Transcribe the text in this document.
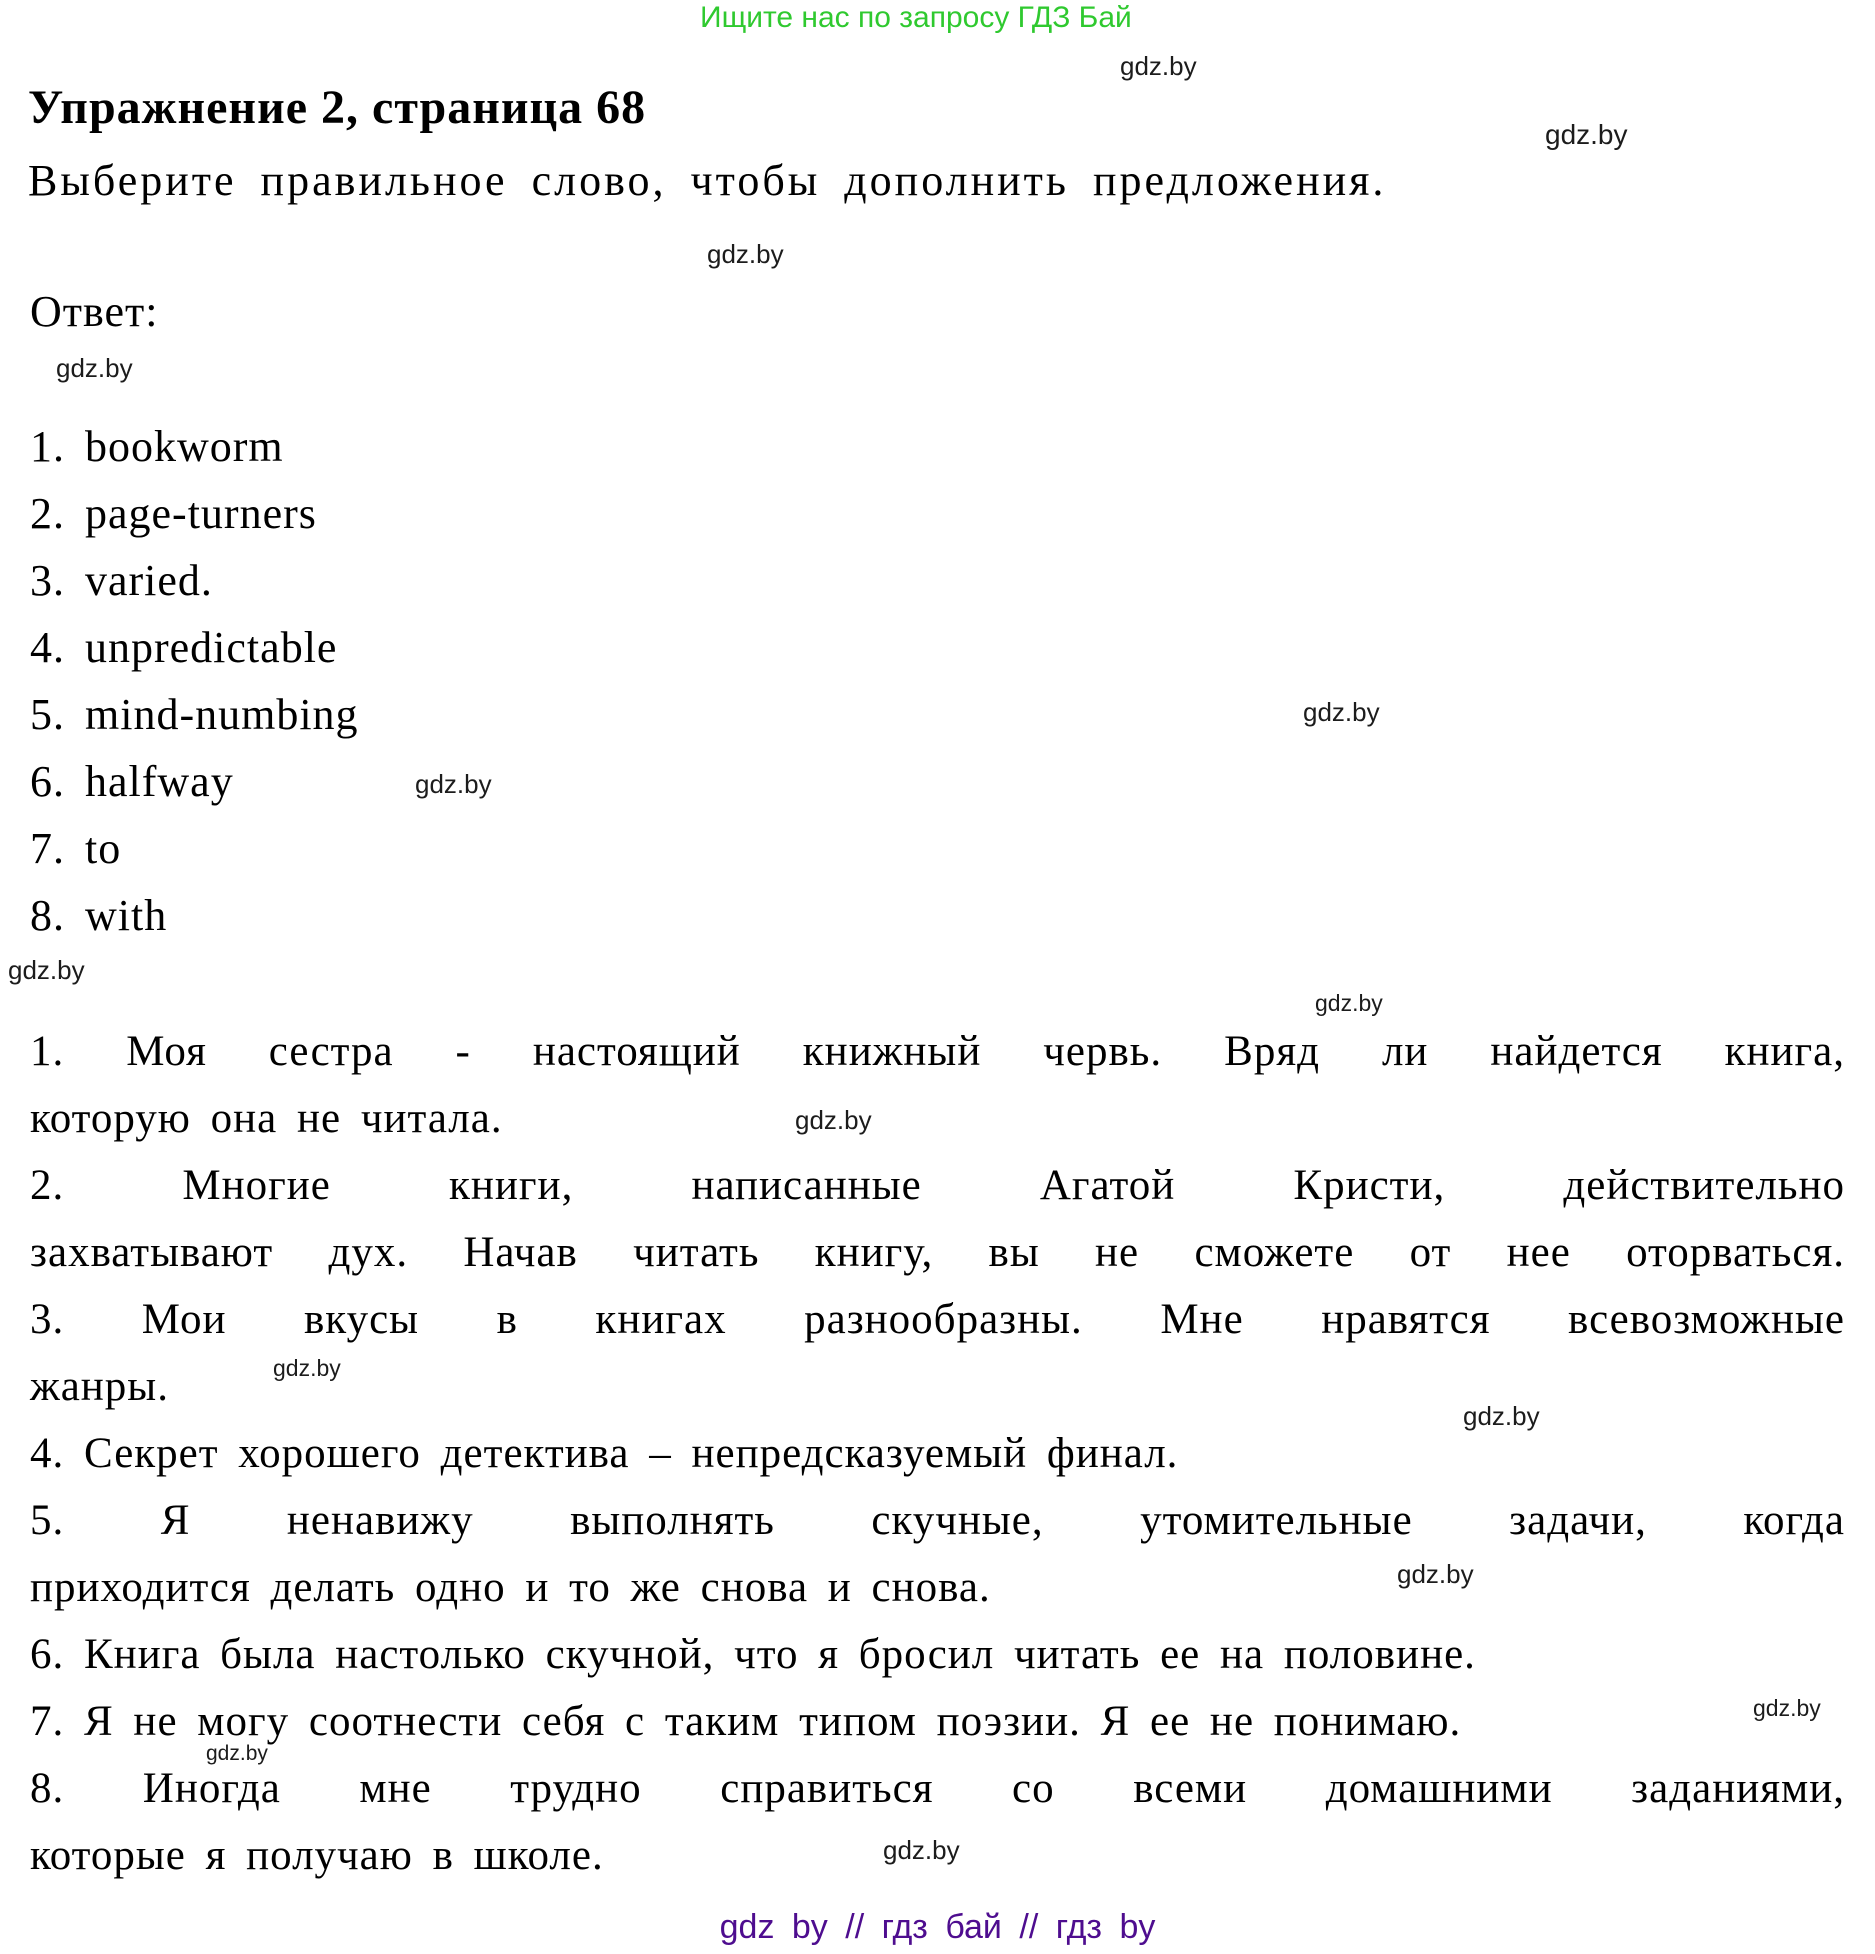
Ищите нас по запросу ГДЗ Бай
Упражнение 2, страница 68
Выберите правильное слово, чтобы дополнить предложения.
Ответ:
1. bookworm
2. page-turners
3. varied.
4. unpredictable
5. mind-numbing
6. halfway
7. to
8. with
1. Моя сестра - настоящий книжный червь. Вряд ли найдется книга,
которую она не читала.
2. Многие книги, написанные Агатой Кристи, действительно
захватывают дух. Начав читать книгу, вы не сможете от нее оторваться.
3. Мои вкусы в книгах разнообразны. Мне нравятся всевозможные
жанры.
4. Секрет хорошего детектива – непредсказуемый финал.
5. Я ненавижу выполнять скучные, утомительные задачи, когда
приходится делать одно и то же снова и снова.
6. Книга была настолько скучной, что я бросил читать ее на половине.
7. Я не могу соотнести себя с таким типом поэзии. Я ее не понимаю.
8. Иногда мне трудно справиться со всеми домашними заданиями,
которые я получаю в школе.
gdz.by
gdz.by
gdz.by
gdz.by
gdz.by
gdz.by
gdz.by
gdz.by
gdz.by
gdz.by
gdz.by
gdz.by
gdz.by
gdz.by
gdz.by
gdz by // гдз бай // гдз by
